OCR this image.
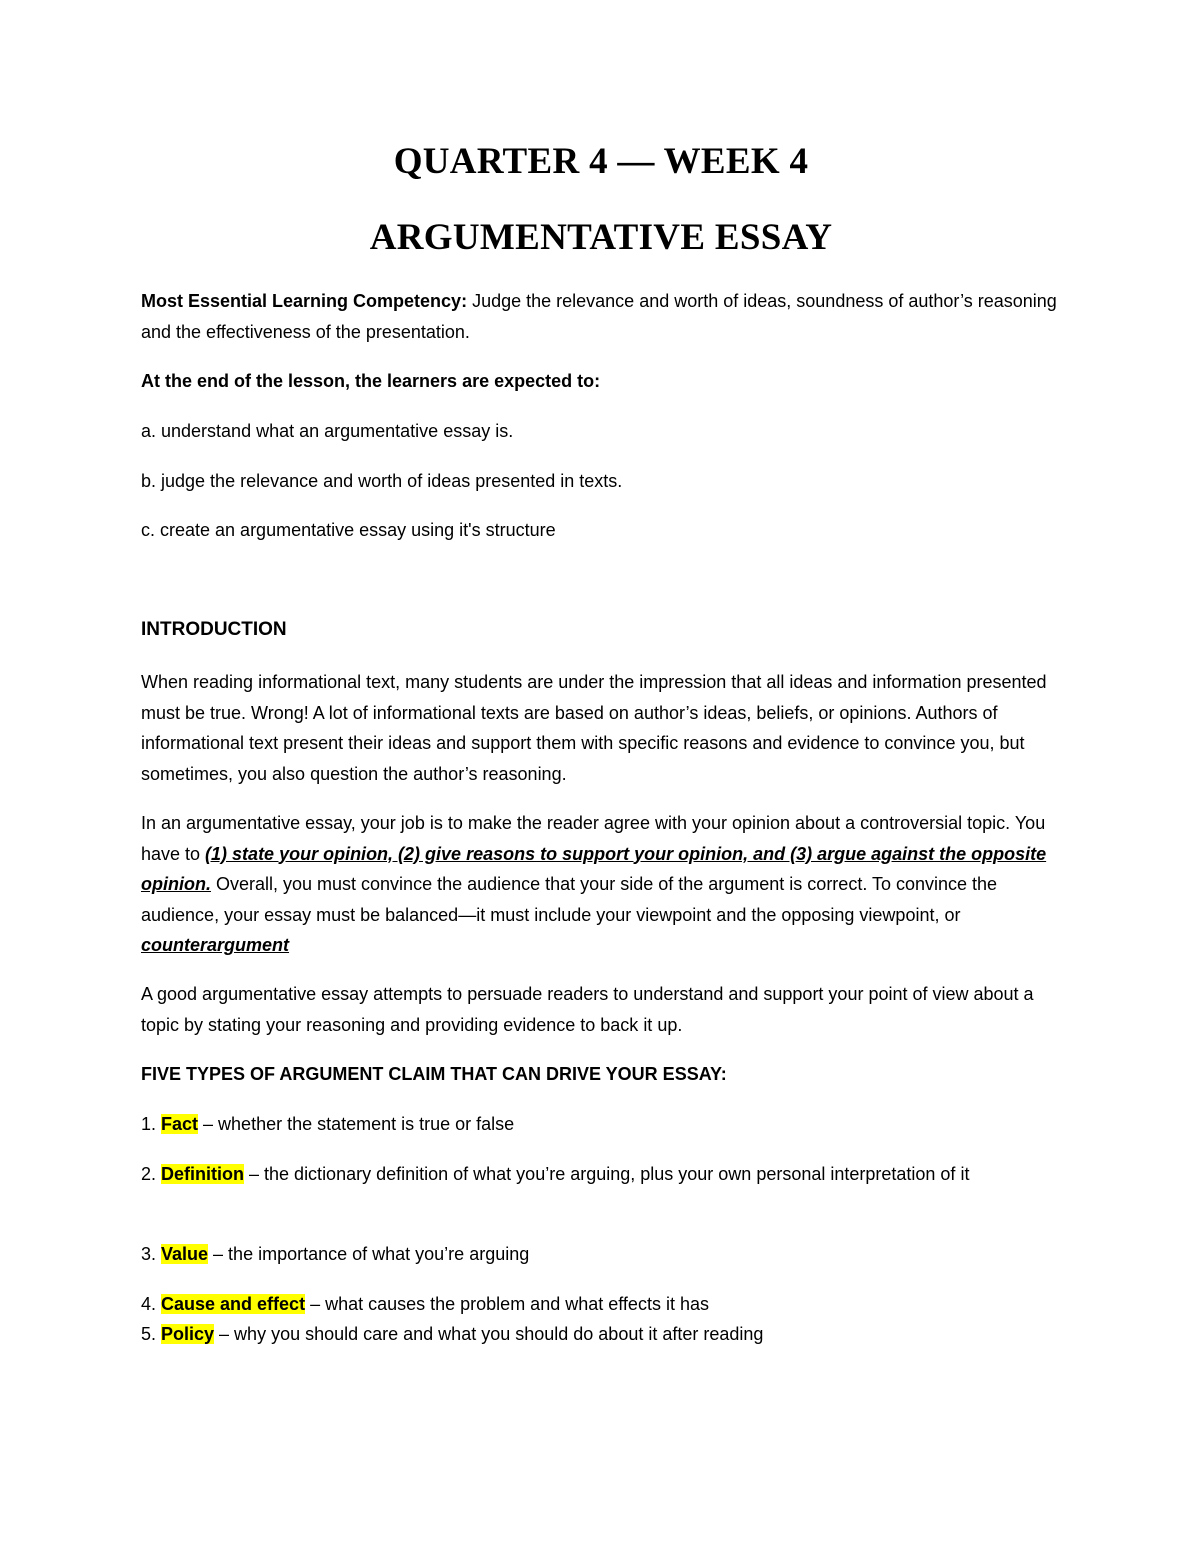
QUARTER 4 — WEEK 4
ARGUMENTATIVE ESSAY

Most Essential Learning Competency: Judge the relevance and worth of ideas, soundness of author’s reasoning and the effectiveness of the presentation.

At the end of the lesson, the learners are expected to:

a. understand what an argumentative essay is.

b. judge the relevance and worth of ideas presented in texts.

c. create an argumentative essay using it's structure

INTRODUCTION

When reading informational text, many students are under the impression that all ideas and information presented must be true. Wrong! A lot of informational texts are based on author’s ideas, beliefs, or opinions. Authors of informational text present their ideas and support them with specific reasons and evidence to convince you, but sometimes, you also question the author’s reasoning.

In an argumentative essay, your job is to make the reader agree with your opinion about a controversial topic. You have to (1) state your opinion, (2) give reasons to support your opinion, and (3) argue against the opposite opinion. Overall, you must convince the audience that your side of the argument is correct. To convince the audience, your essay must be balanced—it must include your viewpoint and the opposing viewpoint, or counterargument

A good argumentative essay attempts to persuade readers to understand and support your point of view about a topic by stating your reasoning and providing evidence to back it up.

FIVE TYPES OF ARGUMENT CLAIM THAT CAN DRIVE YOUR ESSAY:

1. Fact – whether the statement is true or false

2. Definition – the dictionary definition of what you’re arguing, plus your own personal interpretation of it

3. Value – the importance of what you’re arguing

4. Cause and effect – what causes the problem and what effects it has

5. Policy – why you should care and what you should do about it after reading
